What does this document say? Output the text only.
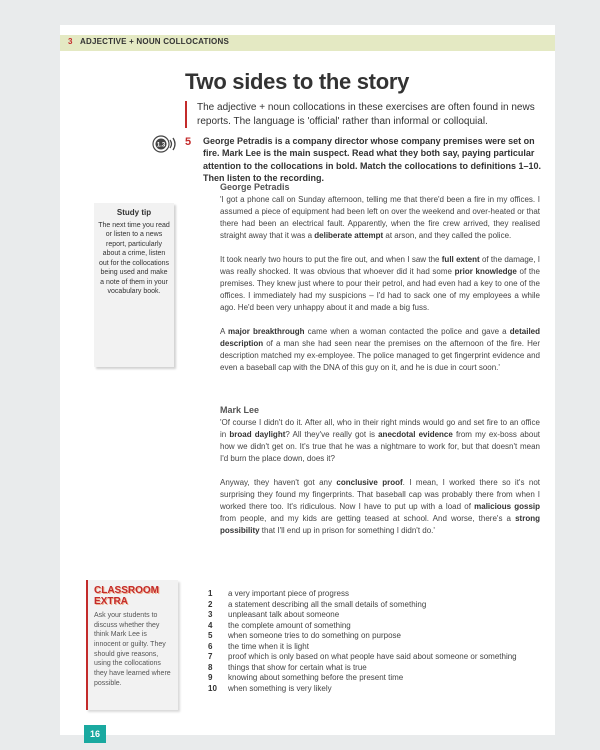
3 ADJECTIVE + NOUN COLLOCATIONS
Two sides to the story

The adjective + noun collocations in these exercises are often found in news reports. The language is 'official' rather than informal or colloquial.

1.3 5 George Petradis is a company director whose company premises were set on fire. Mark Lee is the main suspect. Read what they both say, paying particular attention to the collocations in bold. Match the collocations to definitions 1–10. Then listen to the recording.

Study tip
The next time you read or listen to a news report, particularly about a crime, listen out for the collocations being used and make a note of them in your vocabulary book.
George Petradis

'I got a phone call on Sunday afternoon, telling me that there'd been a fire in my offices. I assumed a piece of equipment had been left on over the weekend and over-heated or that there had been an electrical fault. Apparently, when the fire crew arrived, they realised straight away that it was a deliberate attempt at arson, and they called the police.

It took nearly two hours to put the fire out, and when I saw the full extent of the damage, I was really shocked. It was obvious that whoever did it had some prior knowledge of the premises. They knew just where to pour their petrol, and had even had a key to one of the offices. I immediately had my suspicions – I'd had to sack one of my employees a while ago. He'd been very unhappy about it and made a big fuss.

A major breakthrough came when a woman contacted the police and gave a detailed description of a man she had seen near the premises on the afternoon of the fire. Her description matched my ex-employee. The police managed to get fingerprint evidence and even a baseball cap with the DNA of this guy on it, and he is due in court soon.'

Mark Lee

'Of course I didn't do it. After all, who in their right minds would go and set fire to an office in broad daylight? All they've really got is anecdotal evidence from my ex-boss about how we didn't get on. It's true that he was a nightmare to work for, but that doesn't mean I'd burn the place down, does it?

Anyway, they haven't got any conclusive proof. I mean, I worked there so it's not surprising they found my fingerprints. That baseball cap was probably there from when I worked there too. It's ridiculous. Now I have to put up with a load of malicious gossip from people, and my kids are getting teased at school. And worse, there's a strong possibility that I'll end up in prison for something I didn't do.'

CLASSROOM
EXTRA
Ask your students to discuss whether they think Mark Lee is innocent or guilty. They should give reasons, using the collocations they have learned where possible.
1	a very important piece of progress
2	a statement describing all the small details of something
3	unpleasant talk about someone
4	the complete amount of something
5	when someone tries to do something on purpose
6	the time when it is light
7	proof which is only based on what people have said about someone or something
8	things that show for certain what is true
9	knowing about something before the present time
10	when something is very likely
16
